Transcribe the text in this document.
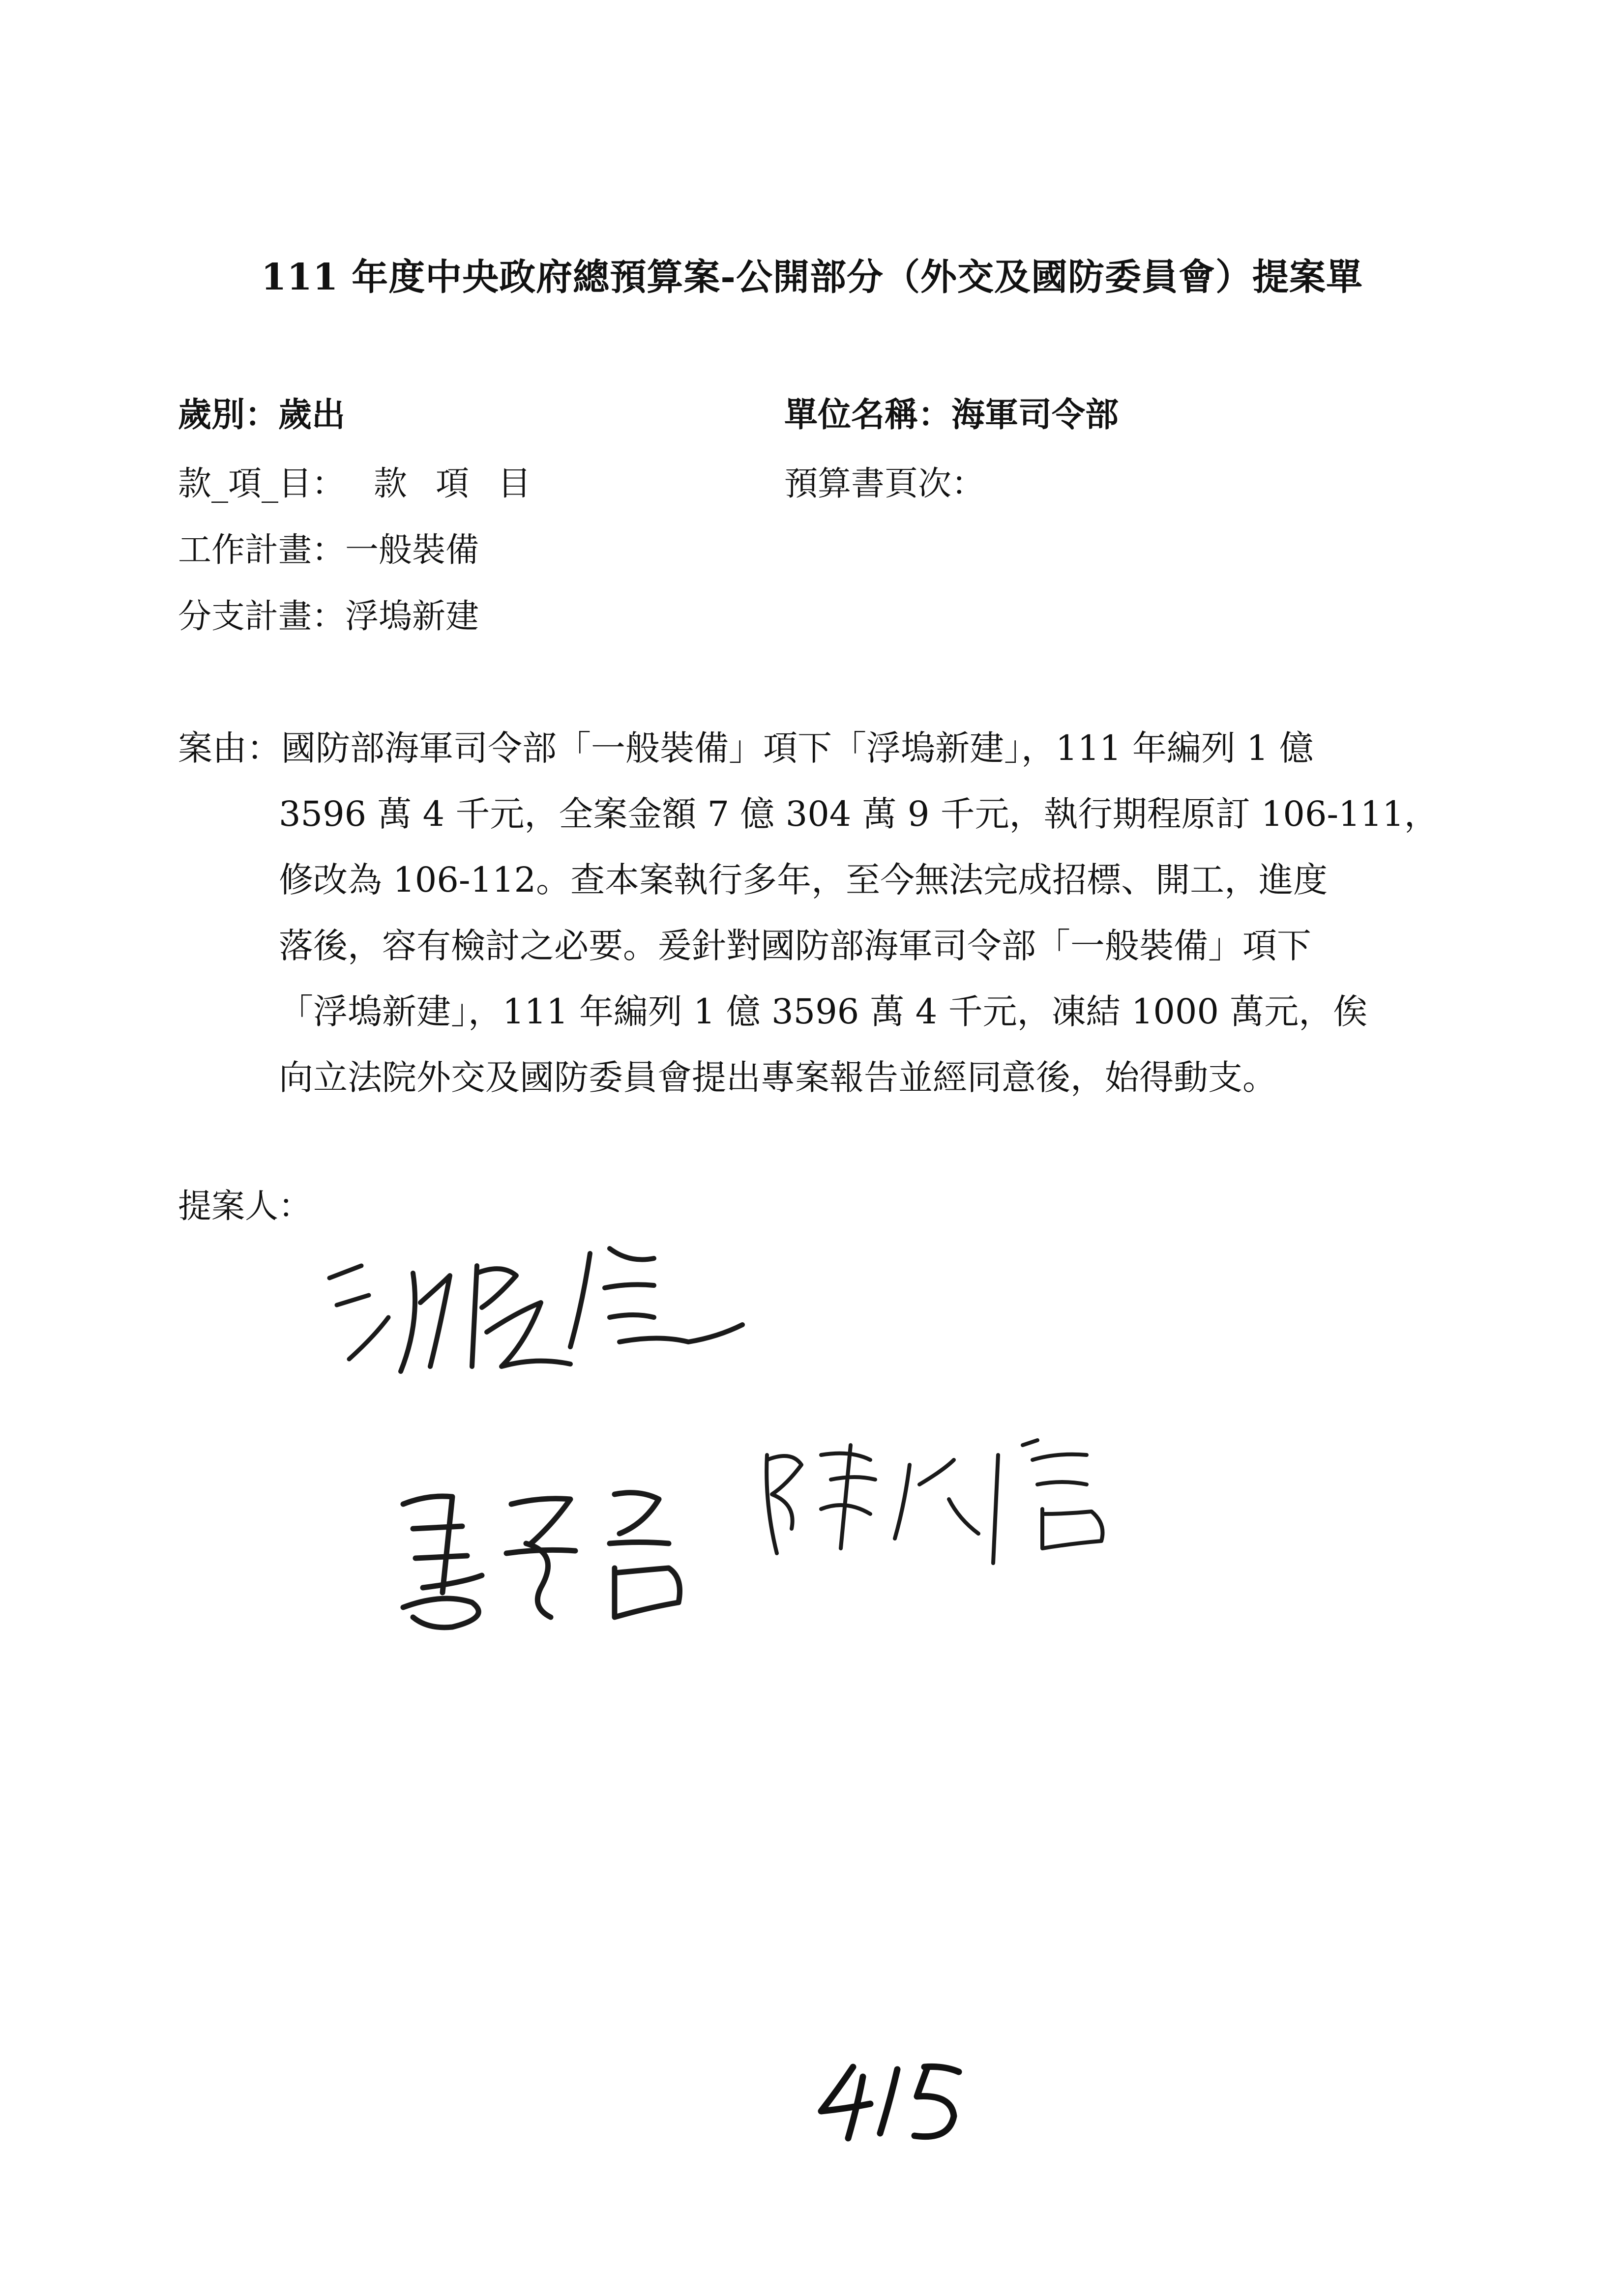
111 年度中央政府總預算案-公開部分（外交及國防委員會）提案單
歲別：歲出	單位名稱：海軍司令部
款_項_目： 款 項 目	預算書頁次：
工作計畫：一般裝備
分支計畫：浮塢新建
案由：國防部海軍司令部「一般裝備」項下「浮塢新建」，111 年編列 1 億
3596 萬 4 千元，全案金額 7 億 304 萬 9 千元，執行期程原訂 106-111，
修改為 106-112。查本案執行多年，至今無法完成招標、開工，進度
落後，容有檢討之必要。爰針對國防部海軍司令部「一般裝備」項下
「浮塢新建」，111 年編列 1 億 3596 萬 4 千元，凍結 1000 萬元，俟
向立法院外交及國防委員會提出專案報告並經同意後，始得動支。
提案人：
